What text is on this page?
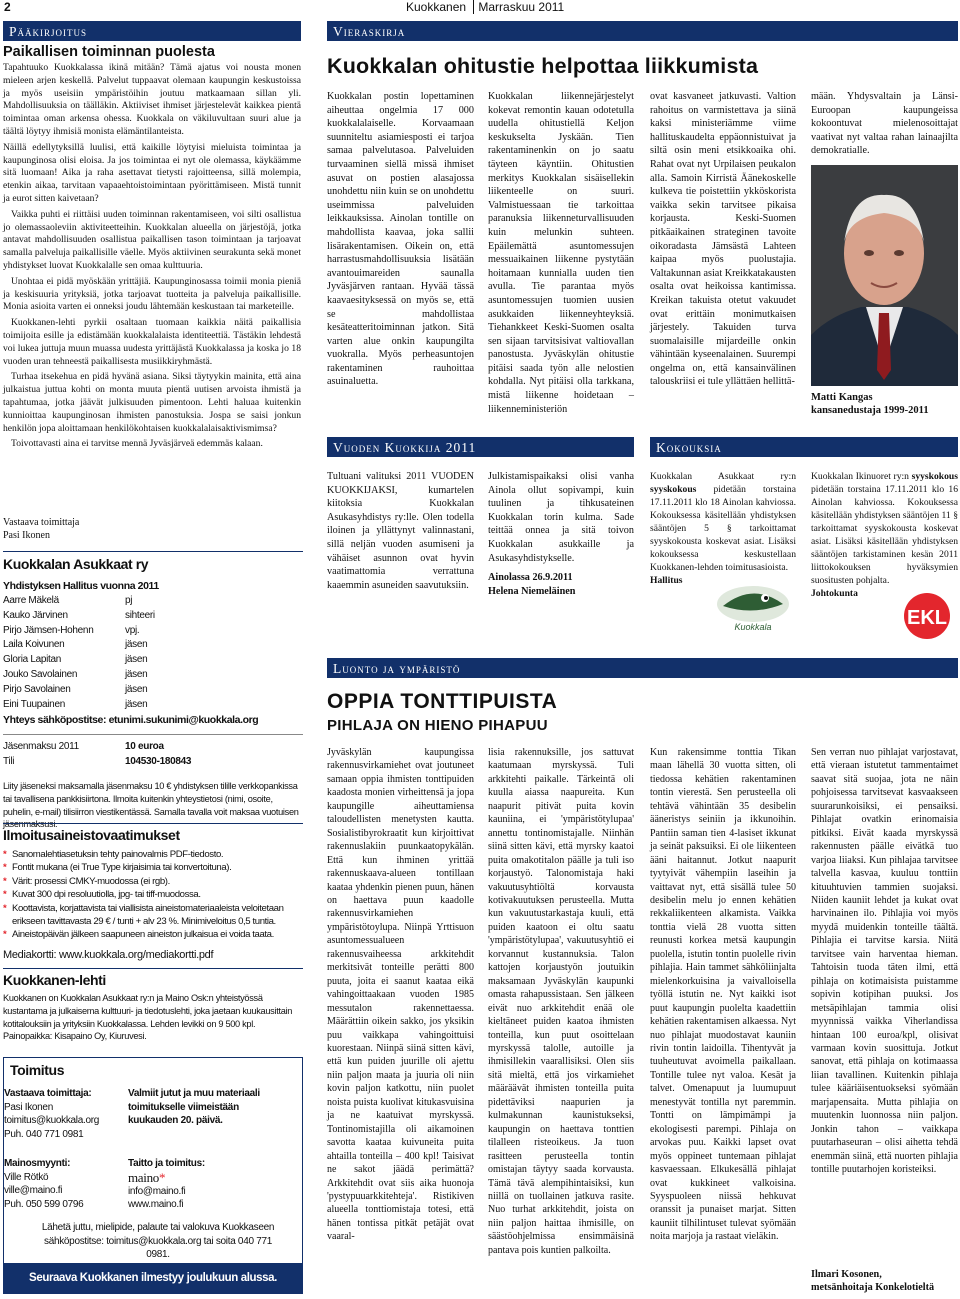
2	Kuokkanen Marraskuu 2011
Pääkirjoitus
Paikallisen toiminnan puolesta

Tapahtuuko Kuokkalassa ikinä mitään? Tämä ajatus voi nousta monen mieleen arjen keskellä. Palvelut tuppaavat olemaan kaupungin keskustoissa ja myös useisiin ympäristöihin joutuu matkaamaan sillan yli. Mahdollisuuksia on täälläkin. Aktiiviset ihmiset järjestelevät kaikkea pientä toimintaa oman arkensa ohessa. Kuokkala on väkiluvultaan suuri alue ja täältä löytyy ihmisiä monista elämäntilanteista.

Näillä edellytyksillä luulisi, että kaikille löytyisi mieluista toimintaa ja kaupunginosa olisi eloisa. Ja jos toimintaa ei nyt ole olemassa, käykäämme sitä luomaan! Aika ja raha asettavat tietysti rajoitteensa, sillä molempia, etenkin aikaa, tarvitaan vapaaehtoistoimintaan pyörittämiseen. Mistä tunnit ja eurot sitten kaivetaan?

Vaikka puhti ei riittäisi uuden toiminnan rakentamiseen, voi silti osallistua jo olemassaoleviin aktiviteetteihin. Kuokkalan alueella on järjestöjä, jotka antavat mahdollisuuden osallistua paikallisen tason toimintaan ja tarjoavat samalla palveluja paikallisille väelle. Myös aktiivinen seurakunta sekä monet yhdistykset luovat Kuokkalalle sen omaa kulttuuria.

Unohtaa ei pidä myöskään yrittäjiä. Kaupunginosassa toimii monia pieniä ja keskisuuria yrityksiä, jotka tarjoavat tuotteita ja palveluja paikallisille. Monia asioita varten ei onneksi joudu lähtemään keskustaan tai marketeille.

Kuokkanen-lehti pyrkii osaltaan tuomaan kaikkia näitä paikallisia toimijoita esille ja edistämään kuokkalalaista identiteettiä. Tästäkin lehdestä voi lukea juttuja muun muassa uudesta yrittäjästä Kuokkalassa ja koska jo 18 vuoden uran tehneestä paikallisesta musiikkiryhmästä.

Turhaa itsekehua en pidä hyvänä asiana. Siksi täytyykin mainita, että aina julkaistua juttua kohti on monta muuta pientä uutisen arvoista ihmistä ja tapahtumaa, jotka jäävät julkisuuden pimentoon. Lehti haluaa kuitenkin kunnioittaa kaupunginosan ihmisten panostuksia. Jospa se saisi jonkun henkilön jopa aloittamaan henkilökohtaisen kuokkalalaisaktivismimsa?

Toivottavasti aina ei tarvitse mennä Jyväsjärveä edemmäs kalaan.

Vastaava toimittaja
Pasi Ikonen
Kuokkalan Asukkaat ry
Yhdistyksen Hallitus vuonna 2011
Aarre Mäkelä	pj
Kauko Järvinen	sihteeri
Pirjo Jämsen-Hohenn	vpj.
Laila Koivunen	jäsen
Gloria Lapitan	jäsen
Jouko Savolainen	jäsen
Pirjo Savolainen	jäsen
Eini Tuupainen	jäsen
Yhteys sähköpostitse: etunimi.sukunimi@kuokkala.org
Jäsenmaksu 2011	10 euroa
Tili	104530-180843
Liity jäseneksi maksamalla jäsenmaksu 10 € yhdistyksen tilille verkkopankissa tai tavallisena pankkisiirtona. Ilmoita kuitenkin yhteystietosi (nimi, osoite, puhelin, e-mail) tilisiirron viestikentässä. Samalla tavalla voit maksaa vuotuisen jäsenmaksusi.
Ilmoitusaineistovaatimukset
* Sanomalehtiasetuksin tehty painovalmis PDF-tiedosto.
* Fontit mukana (ei True Type kirjaisimia tai konvertoituna).
* Värit: prosessi CMKY-muodossa (ei rgb).
* Kuvat 300 dpi resoluutiolla, jpg- tai tiff-muodossa.
* Koottavista, korjattavista tai viallisista aineistomateriaaleista veloitetaan erikseen tavittavasta 29 € / tunti + alv 23 %. Minimiveloitus 0,5 tuntia.
* Aineistopäivän jälkeen saapuneen aineiston julkaisua ei voida taata.
Mediakortti: www.kuokkala.org/mediakortti.pdf
Kuokkanen-lehti
Kuokkanen on Kuokkalan Asukkaat ry:n ja Maino Osk:n yhteistyössä kustantama ja julkaisema kulttuuri- ja tiedotuslehti, joka jaetaan kuukausittain kotitalouksiin ja yrityksiin Kuokkalassa. Lehden levikki on 9 500 kpl.
Painopaikka: Kisapaino Oy, Kiuruvesi.
Toimitus
Vastaava toimittaja:
Pasi Ikonen
toimitus@kuokkala.org
Puh. 040 771 0981
Valmiit jutut ja muu materiaali toimitukselle viimeistään kuukauden 20. päivä.
Mainosmyynti:
Ville Rötkö
ville@maino.fi
Puh. 050 599 0796
Taitto ja toimitus:
maino*
info@maino.fi
www.maino.fi
Lähetä juttu, mielipide, palaute tai valokuva Kuokkaseen sähköpostitse: toimitus@kuokkala.org tai soita 040 771 0981.
Seuraava Kuokkanen ilmestyy joulukuun alussa.
Vieraskirja
Kuokkalan ohitustie helpottaa liikkumista
Kuokkalan postin lopettaminen aiheuttaa ongelmia 17 000 kuokkalalaiselle. Korvaamaan suunniteltu asiamiesposti ei tarjoa samaa palvelutasoa. Palveluiden turvaaminen siellä missä ihmiset asuvat on postien alasajossa unohdettu niin kuin se on unohdettu useimmissa palveluiden leikkauksissa. Ainolan tontille on mahdollista kaavaa, joka sallii lisärakentamisen. Oikein on, että harrastusmahdollisuuksia lisätään avantouimareiden saunalla Jyväsjärven rantaan. Hyvää tässä kaavaesityksessä on myös se, että se mahdollistaa kesäteatteritoiminnan jatkon. Sitä varten alue onkin kaupungilta vuokralla. Myös perheasuntojen rakentaminen rauhoittaa asuinaluetta.
Kuokkalan liikennejärjestelyt kokevat remontin kauan odotetulla uudella ohitustiellä Keljon keskukselta Jyskään. Tien rakentaminenkin on jo saatu täyteen käyntiin. Ohitustien merkitys Kuokkalan sisäisellekin liikenteelle on suuri. Valmistuessaan tie tarkoittaa paranuksia liikenneturvallisuuden kuin melunkin suhteen. Epäilemättä asuntomessujen messuaikainen liikenne pystytään hoitamaan kunnialla uuden tien avulla. Tie parantaa myös asuntomessujen tuomien uusien asukkaiden liikenneyhteyksiä. Tiehankkeet Keski-Suomen osalta sen sijaan tarvitsisivat valtiovallan panostusta. Jyväskylän ohitustie pitäisi saada työn alle nelostien kohdalla. Nyt pitäisi olla tarkkana, mistä liikenne hoidetaan – liikenneministeriön
ovat kasvaneet jatkuvasti. Valtion rahoitus on varmistettava ja siinä kaksi ministeriämme viime hallituskaudelta eppäonnistuivat ja siltä osin meni etsikkoaika ohi. Rahat ovat nyt Urpilaisen peukalon alla. Samoin Kirristä Äänekoskelle kulkeva tie poistettiin ykköskorista vaikka sekin tarvitsee pikaisa korjausta. Keski-Suomen pitkäaikainen strateginen tavoite oikoradasta Jämsästä Lahteen kaipaa myös puolustajia. Valtakunnan asiat Kreikkatakausten osalta ovat heikoissa kantimissa. Kreikan takuista otetut vakuudet ovat erittäin monimutkaisen järjestely. Takuiden turva suomalaisille mijardeille onkin vähintään kyseenalainen. Suurempi ongelma on, että kansainvälinen talouskriisi ei tule yllättäen hellittä-
mään. Yhdysvaltain ja Länsi-Euroopan kaupungeissa kokoontuvat mielenosoittajat vaativat nyt valtaa rahan lainaajilta demokratialle.
Matti Kangas
kansanedustaja 1999-2011
Vuoden Kuokkija 2011
Tultuani valituksi 2011 VUODEN KUOKKIJAKSI, kumartelen kiitoksia Kuokkalan Asukasyhdistys ry:lle. Olen todella iloinen ja yllättynyt valinnastani, sillä neljän vuoden asumiseni ja vähäiset asunnon ovat hyvin vaatimattomia verrattuna kaaemmin asuneiden saavutuksiin.

Julkistamispaikaksi olisi vanha Ainola ollut sopivampi, kuin tuulinen ja tihkusateinen Kuokkalan torin kulma. Sade teittää onnea ja sitä toivon Kuokkalan asukkaille ja Asukasyhdistykselle.

Ainolassa 26.9.2011
Helena Niemeläinen
Kokouksia
Kuokkalan Asukkaat ry:n syyskokous pidetään torstaina 17.11.2011 klo 18 Ainolan kahviossa. Kokouksessa käsitellään yhdistyksen sääntöjen 5 § tarkoittamat syyskokousta koskevat asiat. Lisäksi kokouksessa keskustellaan Kuokkanen-lehden toimitusasioista.
Hallitus
Kuokkalan Ikinuoret ry:n syyskokous pidetään torstaina 17.11.2011 klo 16 Ainolan kahviossa. Kokouksessa käsitellään yhdistyksen sääntöjen 11 § tarkoittamat syyskokousta koskevat asiat. Lisäksi käsitellään yhdistyksen sääntöjen tarkistaminen kesän 2011 liittokokouksen hyväksymien suositusten pohjalta.
Johtokunta
Kuokkala	EKL
Luonto ja ympäristö
OPPIA TONTTIPUISTA
PIHLAJA ON HIENO PIHAPUU
Jyväskylän kaupungissa rakennusvirkamiehet ovat joutuneet samaan oppia ihmisten tonttipuiden kaadosta monien virheittensä ja jopa kaupungille aiheuttamiensa taloudellisten menetysten kautta. Sosialistibyrokraatit kun kirjoittivat rakennuslakiin puunkaatopykälän. Että kun ihminen yrittää rakennuskaava-alueen tontillaan kaataa yhdenkin pienen puun, hänen on haettava puun kaadolle rakennusvirkamiehen ympäristötoylupa. Niinpä Yrttisuon asuntomessualueen rakennusvaiheessa arkkitehdit merkitsivät tonteille perätti 800 puuta, joita ei saanut kaataa eikä vahingoittaakaan vuoden 1985 messutalon rakennettaessa. Määrättiin oikein sakko, jos yksikin puu vaikkapa vahingoittuisi kuorestaan. Niinpä siinä sitten kävi, että kun puiden juurille oli ajettu niin paljon maata ja juuria oli niin kovin paljon katkottu, niin puolet noista puista kuolivat kitukasvuisina ja ne kaatuivat myrskyssä. Tontinomistajilla oli aikamoinen savotta kaataa kuivuneita puita ahtailla tonteilla – 400 kpl! Taisivat ne sakot jäädä perimättä? Arkkitehdit ovat siis aika huonoja 'pystypuuarkkitehteja'. Ristikiven alueella tonttiomistaja totesi, että hänen tontissa pitkät petäjät ovat vaaral-
lisia rakennuksille, jos sattuvat kaatumaan myrskyssä. Tuli arkkitehti paikalle. Tärkeintä oli kuulla aiassa naapureita. Kun naapurit pitivät puita kovin kauniina, ei 'ympäristötylupaa' annettu tontinomistajalle. Niinhän siinä sitten kävi, että myrsky kaatoi puita omakotitalon päälle ja tuli iso korjaustyö. Talonomistaja haki vakuutusyhtiöltä korvausta kotivakuutuksen perusteella. Mutta kun vakuutustarkastaja kuuli, että puiden kaatoon ei oltu saatu 'ympäristötylupaa', vakuutusyhtiö ei korvannut kustannuksia. Talon kattojen korjaustyön joutuikin maksamaan Jyväskylän kaupunki omasta rahapussistaan. Sen jälkeen eivät nuo arkkitehdit enää ole kieltäneet puiden kaatoa ihmisten tonteilla, kun puut osoittelaan myrskyssä talolle, autoille ja ihmisillekin vaarallisiksi. Olen siis sitä mieltä, että jos virkamiehet määräävät ihmisten tonteilla puita pidettäviksi naapurien ja kulmakunnan kaunistukseksi, kaupungin on haettava tonttien tilalleen risteoikeus. Ja tuon rasitteen perusteella tontin omistajan täytyy saada korvausta. Tämä tävä alempihintaisiksi, kun niillä on tuollainen jatkuva rasite. Nuo turhat arkkitehdit, joista on niin paljon haittaa ihmisille, on säästöohjelmissa ensimmäisinä pantava pois kuntien palkoilta.
Kun rakensimme tonttia Tikan maan lähellä 30 vuotta sitten, oli tiedossa kehätien rakentaminen tontin vierestä. Sen perusteella oli tehtävä vähintään 35 desibelin ääneristys seiniin ja ikkunoihin. Pantiin saman tien 4-lasiset ikkunat ja seinät paksuiksi. Ei ole liikenteen ääni haitannut. Jotkut naapurit tyytyivät vähempiin laseihin ja vaittavat nyt, että sisällä tulee 50 desibelin melu jo ennen kehätien rekkaliikenteen alkamista. Vaikka tonttia vielä 28 vuotta sitten reunusti korkea metsä kaupungin puolella, istutin tontin puolelle rivin pihlajia. Hain tammet sähköliinjalta mielenkorkuisina ja vaivalloisella työllä istutin ne. Nyt kaikki isot puut kaupungin puolelta kaadettiin kehätien rakentamisen alkaessa. Nyt nuo pihlajat muodostavat kauniin rivin tontin laidoilla. Tihentyvät ja tuuheutuvat avoimella paikallaan. Tontille tulee nyt valoa. Kesät ja talvet. Omenapuut ja luumupuut menestyvät tontilla nyt paremmin. Tontti on lämpimämpi ja ekologisesti parempi. Pihlaja on arvokas puu. Kaikki lapset ovat myös oppineet tuntemaan pihlajat kasvaessaan. Elkukesällä pihlajat ovat kukkineet valkoisina. Syyspuoleen niissä hehkuvat oranssit ja punaiset marjat. Sitten kauniit tilhilintuset tulevat syömään noita marjoja ja rastaat vieläkin.
Sen verran nuo pihlajat varjostavat, että vieraan istutetut tammentaimet saavat sitä suojaa, jota ne näin pohjoisessa tarvitsevat kasvaakseen suurarunkoisiksi, ei pensaiksi. Pihlajat ovatkin erinomaisia pitkiksi. Eivät kaada myrskyssä rakennusten päälle eivätkä tuo varjoa liiaksi. Kun pihlajaa tarvitsee talvella kasvaa, kuuluu tonttiin kituuhtuvien tammien suojaksi. Niiden kauniit lehdet ja kukat ovat harvinainen ilo. Pihlajia voi myös myydä muidenkin tonteille täältä. Pihlajia ei tarvitse karsia. Niitä tarvitsee vain harventaa hieman. Tahtoisin tuoda täten ilmi, että pihlaja on kotimaisista puistamme sopivin kotipihan puuksi. Jos metsäpihlajan tammia olisi myynnissä vaikka Viherlandissa hintaan 100 euroa/kpl, olisivat varmaan kovin suosittuja. Jotkut sanovat, että pihlaja on kotimaassa liian tavallinen. Kuitenkin pihlaja tulee kääriäisentuokseksi syömään marjapensaita. Mutta pihlajia on muutenkin luonnossa niin paljon. Jonkin tahon – vaikkapa puutarhaseuran – olisi aihetta tehdä enemmän siinä, että nuorten pihlajia tontille puutarhojen koristeiksi.
Ilmari Kosonen,
metsänhoitaja Konkelotieltä
